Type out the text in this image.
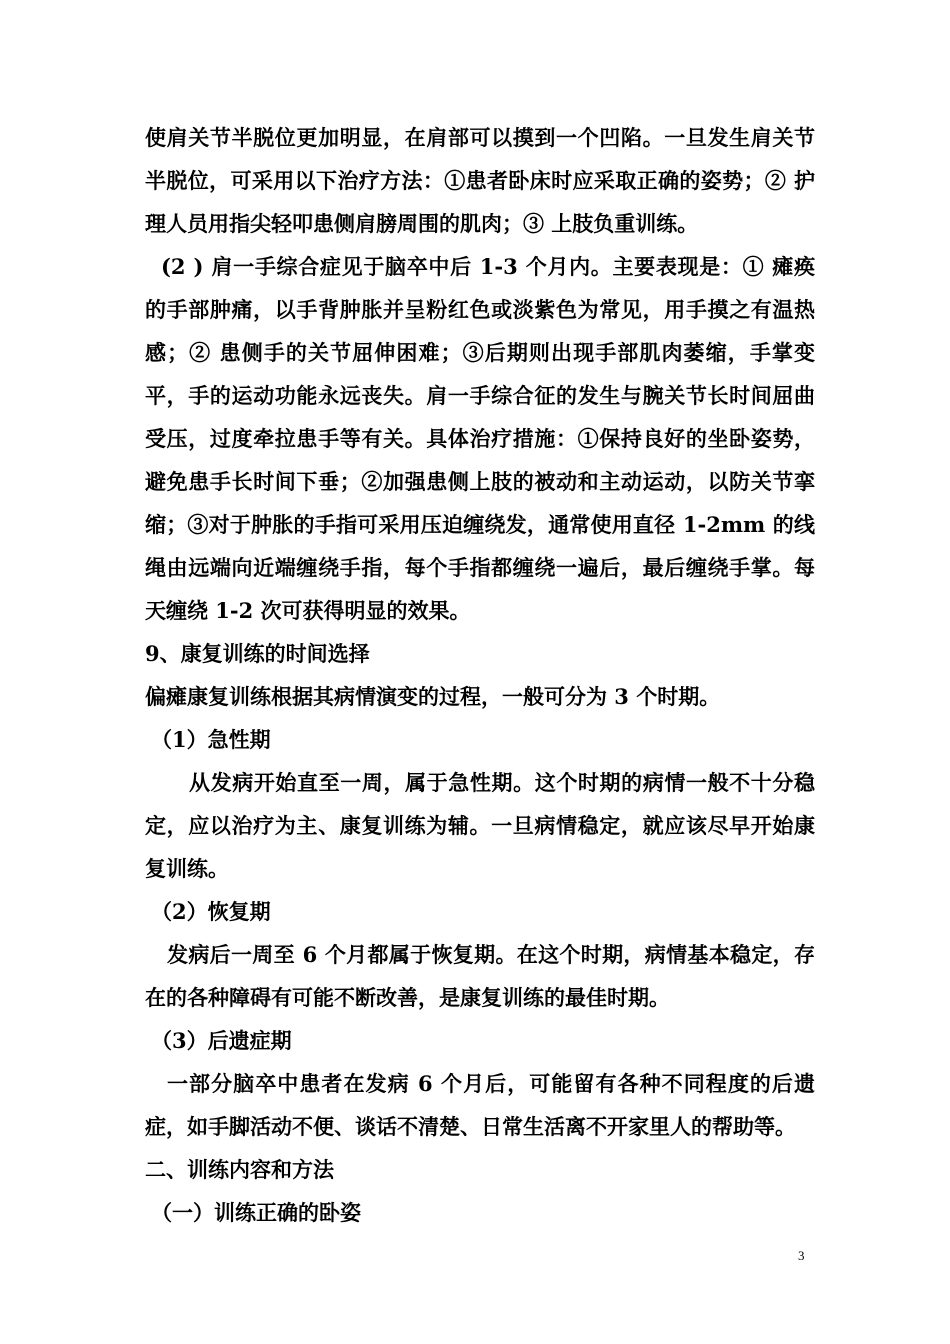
使肩关节半脱位更加明显，在肩部可以摸到一个凹陷。一旦发生肩关节半脱位，可采用以下治疗方法：①患者卧床时应采取正确的姿势；② 护理人员用指尖轻叩患侧肩膀周围的肌肉；③ 上肢负重训练。

(2 ) 肩一手综合症见于脑卒中后 1-3 个月内。主要表现是：① 瘫痪的手部肿痛，以手背肿胀并呈粉红色或淡紫色为常见，用手摸之有温热感；② 患侧手的关节屈伸困难；③后期则出现手部肌肉萎缩，手掌变平，手的运动功能永远丧失。肩一手综合征的发生与腕关节长时间屈曲受压，过度牵拉患手等有关。具体治疗措施：①保持良好的坐卧姿势，避免患手长时间下垂；②加强患侧上肢的被动和主动运动，以防关节挛缩；③对于肿胀的手指可采用压迫缠绕发，通常使用直径 1-2mm 的线绳由远端向近端缠绕手指，每个手指都缠绕一遍后，最后缠绕手掌。每天缠绕 1-2 次可获得明显的效果。

9、康复训练的时间选择

偏瘫康复训练根据其病情演变的过程，一般可分为 3 个时期。

（1）急性期

从发病开始直至一周，属于急性期。这个时期的病情一般不十分稳定，应以治疗为主、康复训练为辅。一旦病情稳定，就应该尽早开始康复训练。

（2）恢复期

发病后一周至 6 个月都属于恢复期。在这个时期，病情基本稳定，存在的各种障碍有可能不断改善，是康复训练的最佳时期。

（3）后遗症期

一部分脑卒中患者在发病 6 个月后，可能留有各种不同程度的后遗症，如手脚活动不便、谈话不清楚、日常生活离不开家里人的帮助等。

二、训练内容和方法

（一）训练正确的卧姿

3
